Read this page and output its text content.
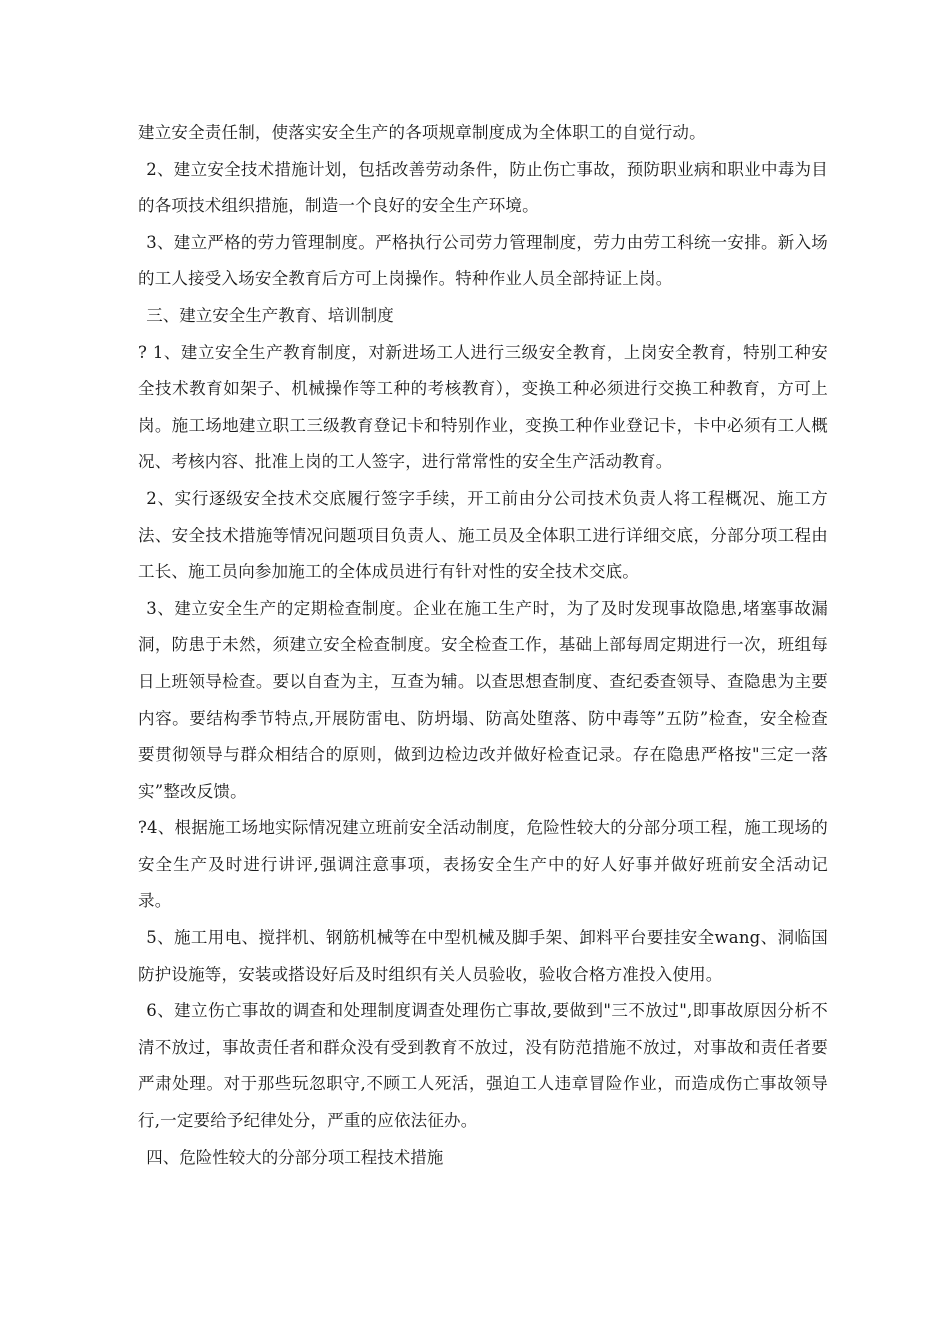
建立安全责任制，使落实安全生产的各项规章制度成为全体职工的自觉行动。

2、建立安全技术措施计划，包括改善劳动条件，防止伤亡事故，预防职业病和职业中毒为目的各项技术组织措施，制造一个良好的安全生产环境。

3、建立严格的劳力管理制度。严格执行公司劳力管理制度，劳力由劳工科统一安排。新入场的工人接受入场安全教育后方可上岗操作。特种作业人员全部持证上岗。

三、建立安全生产教育、培训制度

? 1、建立安全生产教育制度，对新进场工人进行三级安全教育，上岗安全教育，特别工种安全技术教育如架子、机械操作等工种的考核教育），变换工种必须进行交换工种教育，方可上岗。施工场地建立职工三级教育登记卡和特别作业，变换工种作业登记卡，卡中必须有工人概况、考核内容、批准上岗的工人签字，进行常常性的安全生产活动教育。

2、实行逐级安全技术交底履行签字手续，开工前由分公司技术负责人将工程概况、施工方法、安全技术措施等情况问题项目负责人、施工员及全体职工进行详细交底，分部分项工程由工长、施工员向参加施工的全体成员进行有针对性的安全技术交底。

3、建立安全生产的定期检查制度。企业在施工生产时，为了及时发现事故隐患,堵塞事故漏洞，防患于未然，须建立安全检查制度。安全检查工作，基础上部每周定期进行一次，班组每日上班领导检查。要以自查为主，互查为辅。以查思想查制度、查纪委查领导、查隐患为主要内容。要结构季节特点,开展防雷电、防坍塌、防高处堕落、防中毒等”五防”检查，安全检查要贯彻领导与群众相结合的原则，做到边检边改并做好检查记录。存在隐患严格按"三定一落实”整改反馈。

?4、根据施工场地实际情况建立班前安全活动制度，危险性较大的分部分项工程，施工现场的安全生产及时进行讲评,强调注意事项，表扬安全生产中的好人好事并做好班前安全活动记录。

5、施工用电、搅拌机、钢筋机械等在中型机械及脚手架、卸料平台要挂安全wang、洞临国防护设施等，安装或搭设好后及时组织有关人员验收，验收合格方准投入使用。

6、建立伤亡事故的调查和处理制度调查处理伤亡事故,要做到"三不放过",即事故原因分析不清不放过，事故责任者和群众没有受到教育不放过，没有防范措施不放过，对事故和责任者要严肃处理。对于那些玩忽职守,不顾工人死活，强迫工人违章冒险作业，而造成伤亡事故领导行,一定要给予纪律处分，严重的应依法征办。

四、危险性较大的分部分项工程技术措施
